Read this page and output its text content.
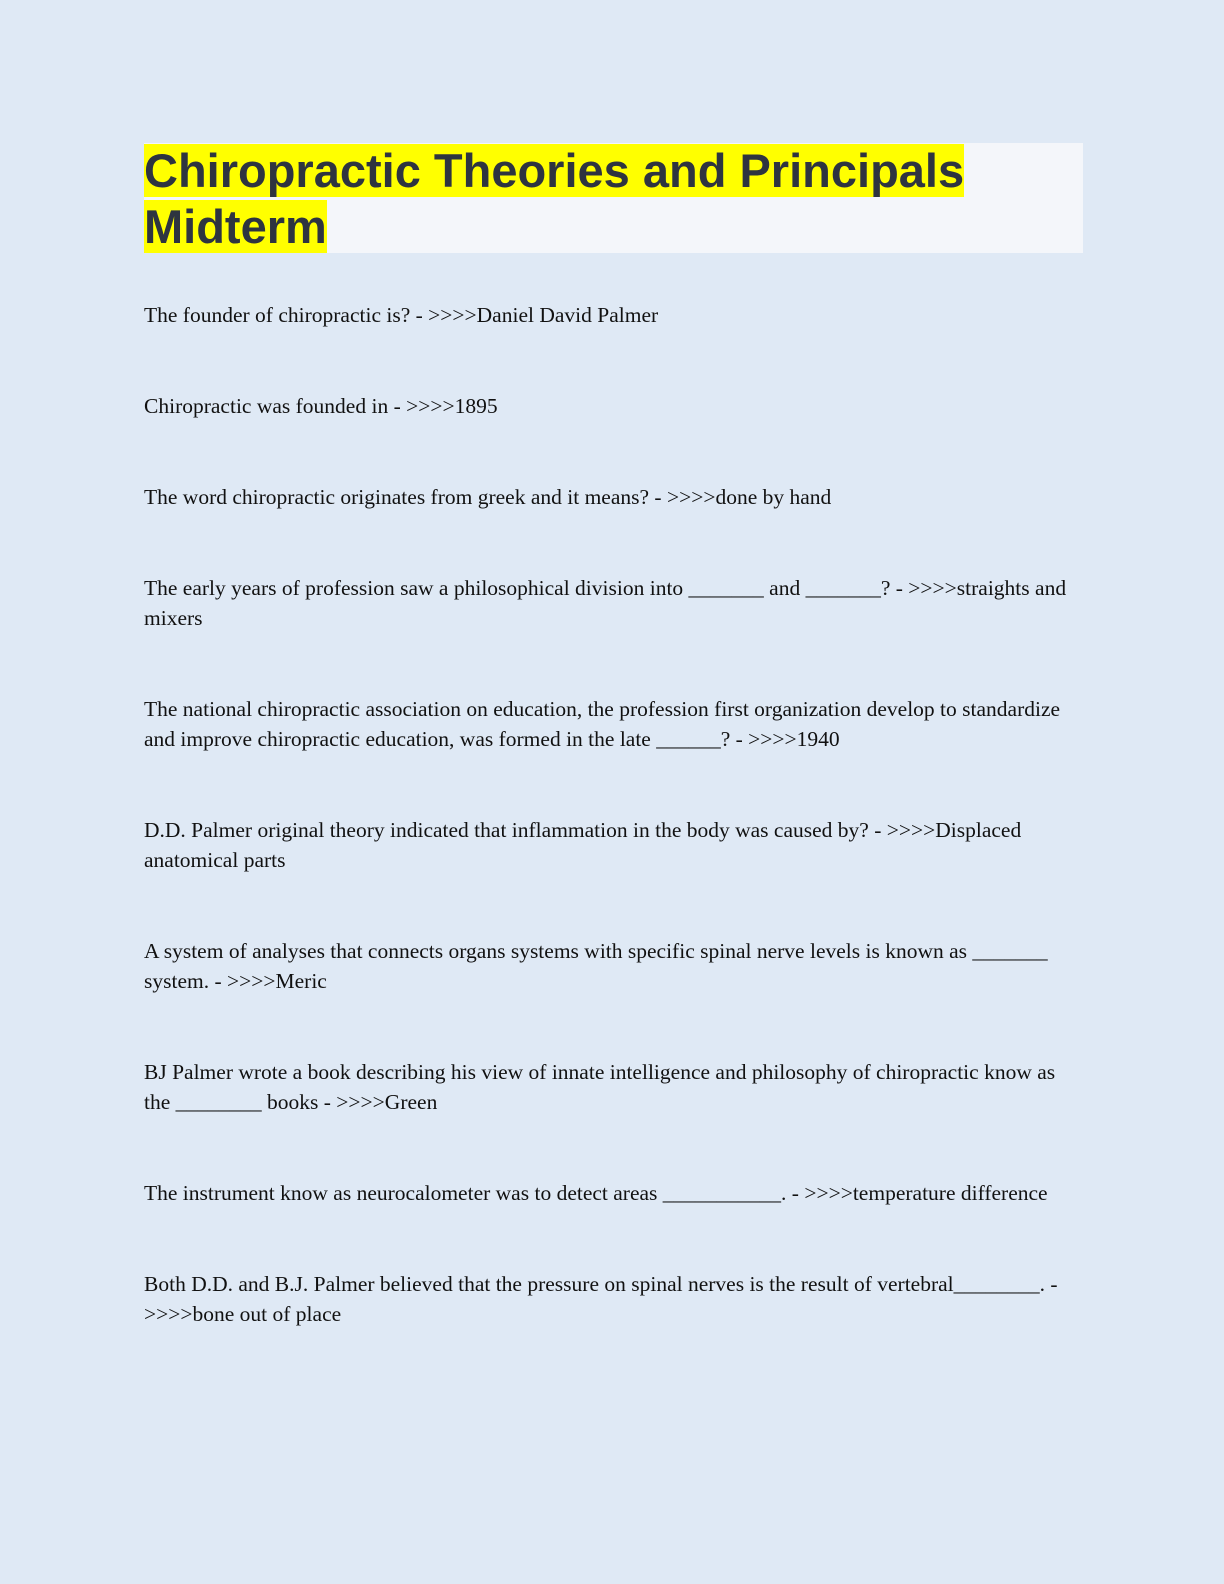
Chiropractic Theories and Principals
Midterm

The founder of chiropractic is? - >>>>Daniel David Palmer

Chiropractic was founded in - >>>>1895

The word chiropractic originates from greek and it means? - >>>>done by hand

The early years of profession saw a philosophical division into _______ and _______? - >>>>straights and mixers

The national chiropractic association on education, the profession first organization develop to standardize and improve chiropractic education, was formed in the late ______? - >>>>1940

D.D. Palmer original theory indicated that inflammation in the body was caused by? - >>>>Displaced anatomical parts

A system of analyses that connects organs systems with specific spinal nerve levels is known as _______ system. - >>>>Meric

BJ Palmer wrote a book describing his view of innate intelligence and philosophy of chiropractic know as the ________ books - >>>>Green

The instrument know as neurocalometer was to detect areas ___________. - >>>>temperature difference

Both D.D. and B.J. Palmer believed that the pressure on spinal nerves is the result of vertebral________. - >>>>bone out of place
